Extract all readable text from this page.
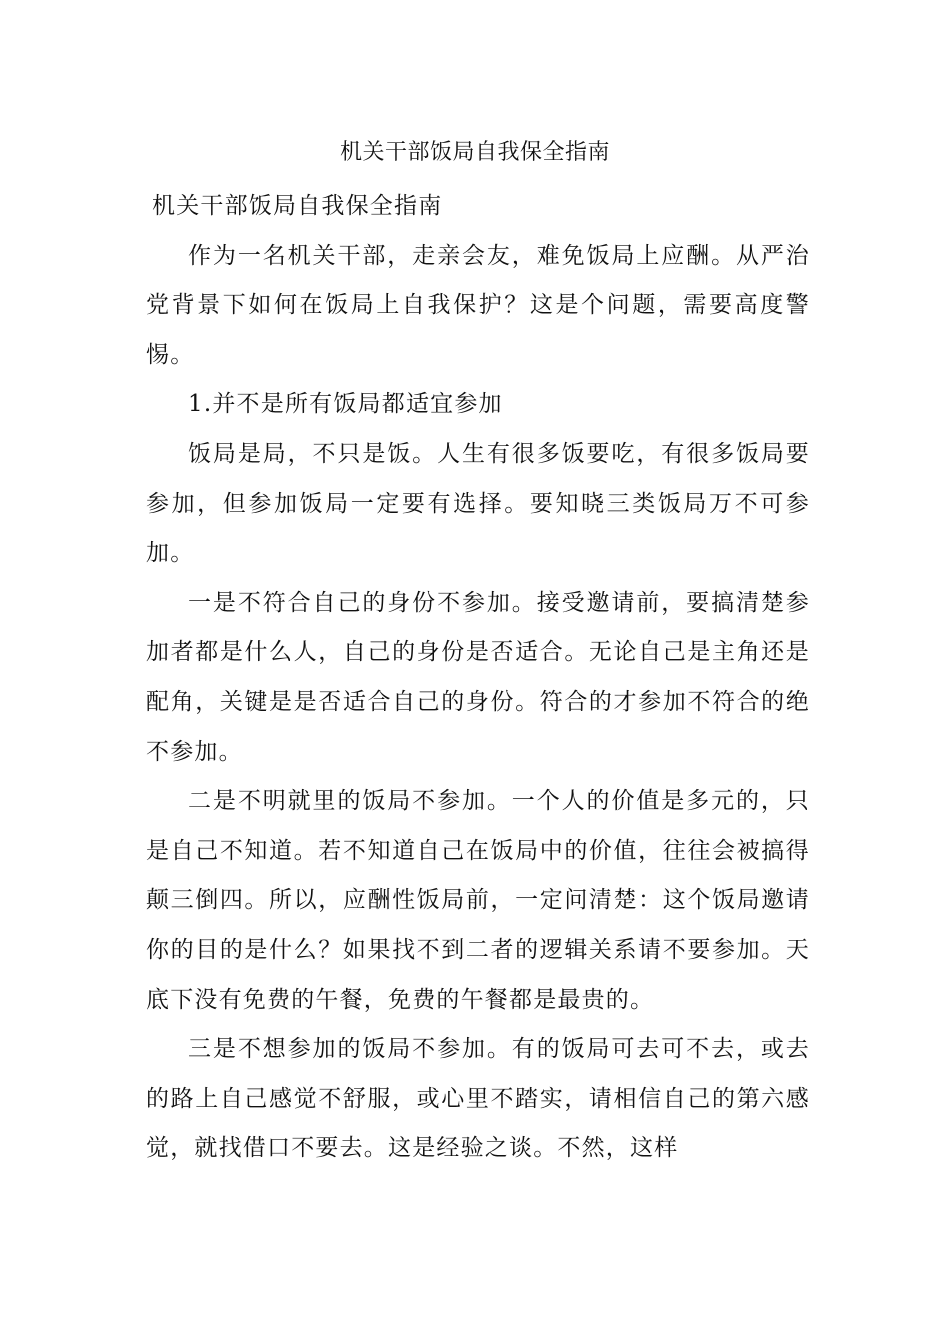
机关干部饭局自我保全指南

机关干部饭局自我保全指南

作为一名机关干部，走亲会友，难免饭局上应酬。从严治党背景下如何在饭局上自我保护？这是个问题，需要高度警惕。

1.并不是所有饭局都适宜参加

饭局是局，不只是饭。人生有很多饭要吃，有很多饭局要参加，但参加饭局一定要有选择。要知晓三类饭局万不可参加。

一是不符合自己的身份不参加。接受邀请前，要搞清楚参加者都是什么人，自己的身份是否适合。无论自己是主角还是配角，关键是是否适合自己的身份。符合的才参加不符合的绝不参加。

二是不明就里的饭局不参加。一个人的价值是多元的，只是自己不知道。若不知道自己在饭局中的价值，往往会被搞得颠三倒四。所以，应酬性饭局前，一定问清楚：这个饭局邀请你的目的是什么？如果找不到二者的逻辑关系请不要参加。天底下没有免费的午餐，免费的午餐都是最贵的。

三是不想参加的饭局不参加。有的饭局可去可不去，或去的路上自己感觉不舒服，或心里不踏实，请相信自己的第六感觉，就找借口不要去。这是经验之谈。不然，这样
